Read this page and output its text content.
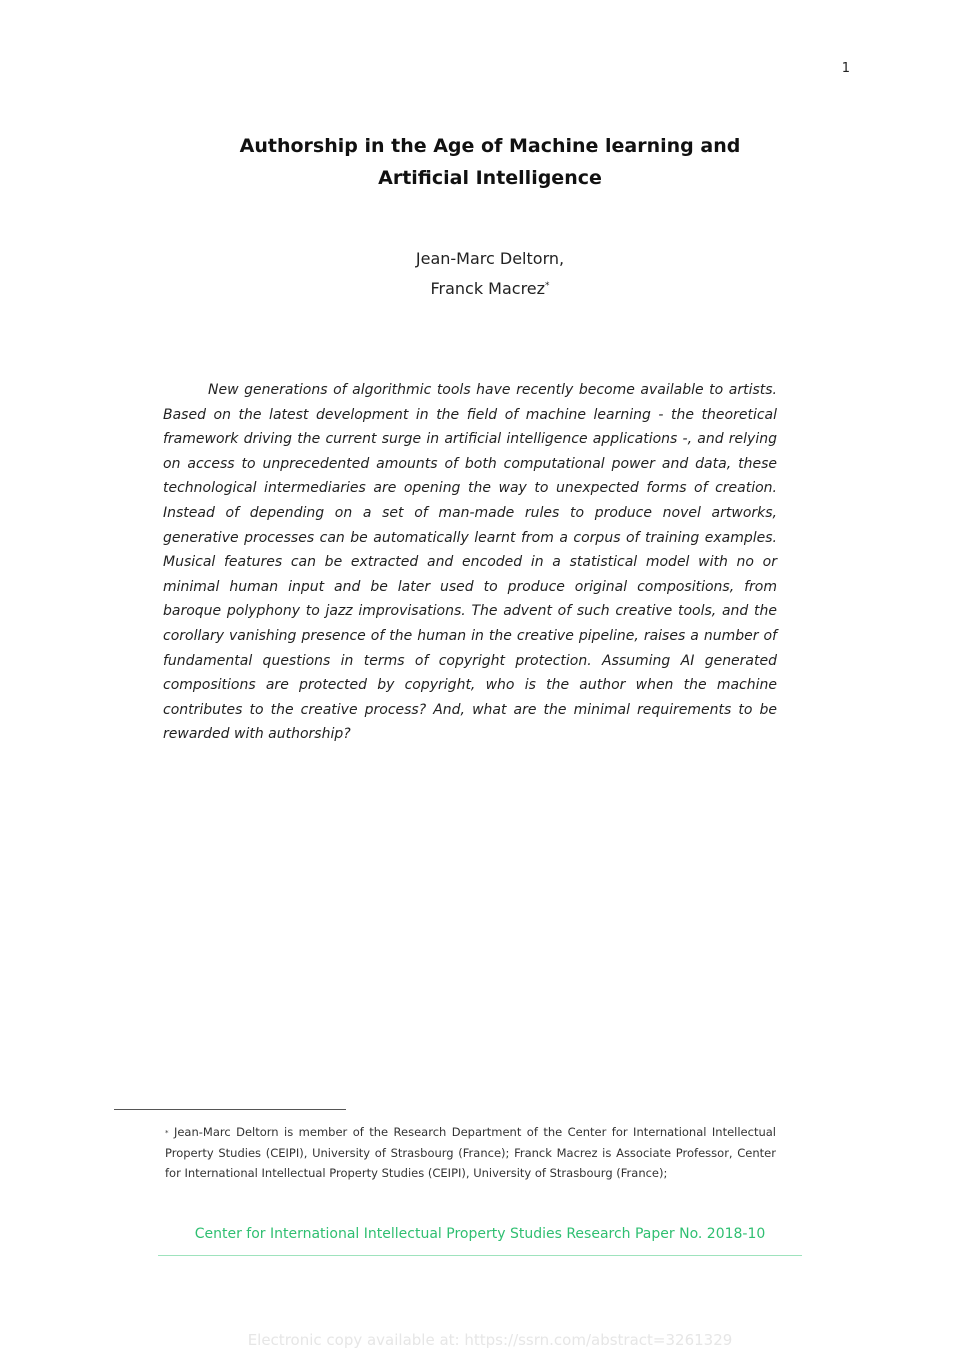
1
Authorship in the Age of Machine learning and
Artificial Intelligence
Jean-Marc Deltorn,
Franck Macrez*

New generations of algorithmic tools have recently become available to artists. Based on the latest development in the field of machine learning - the theoretical framework driving the current surge in artificial intelligence applications -, and relying on access to unprecedented amounts of both computational power and data, these technological intermediaries are opening the way to unexpected forms of creation. Instead of depending on a set of man-made rules to produce novel artworks, generative processes can be automatically learnt from a corpus of training examples. Musical features can be extracted and encoded in a statistical model with no or minimal human input and be later used to produce original compositions, from baroque polyphony to jazz improvisations. The advent of such creative tools, and the corollary vanishing presence of the human in the creative pipeline, raises a number of fundamental questions in terms of copyright protection. Assuming AI generated compositions are protected by copyright, who is the author when the machine contributes to the creative process? And, what are the minimal requirements to be rewarded with authorship?

* Jean-Marc Deltorn is member of the Research Department of the Center for International Intellectual Property Studies (CEIPI), University of Strasbourg (France); Franck Macrez is Associate Professor, Center for International Intellectual Property Studies (CEIPI), University of Strasbourg (France);

Center for International Intellectual Property Studies Research Paper No. 2018-10
Electronic copy available at: https://ssrn.com/abstract=3261329
